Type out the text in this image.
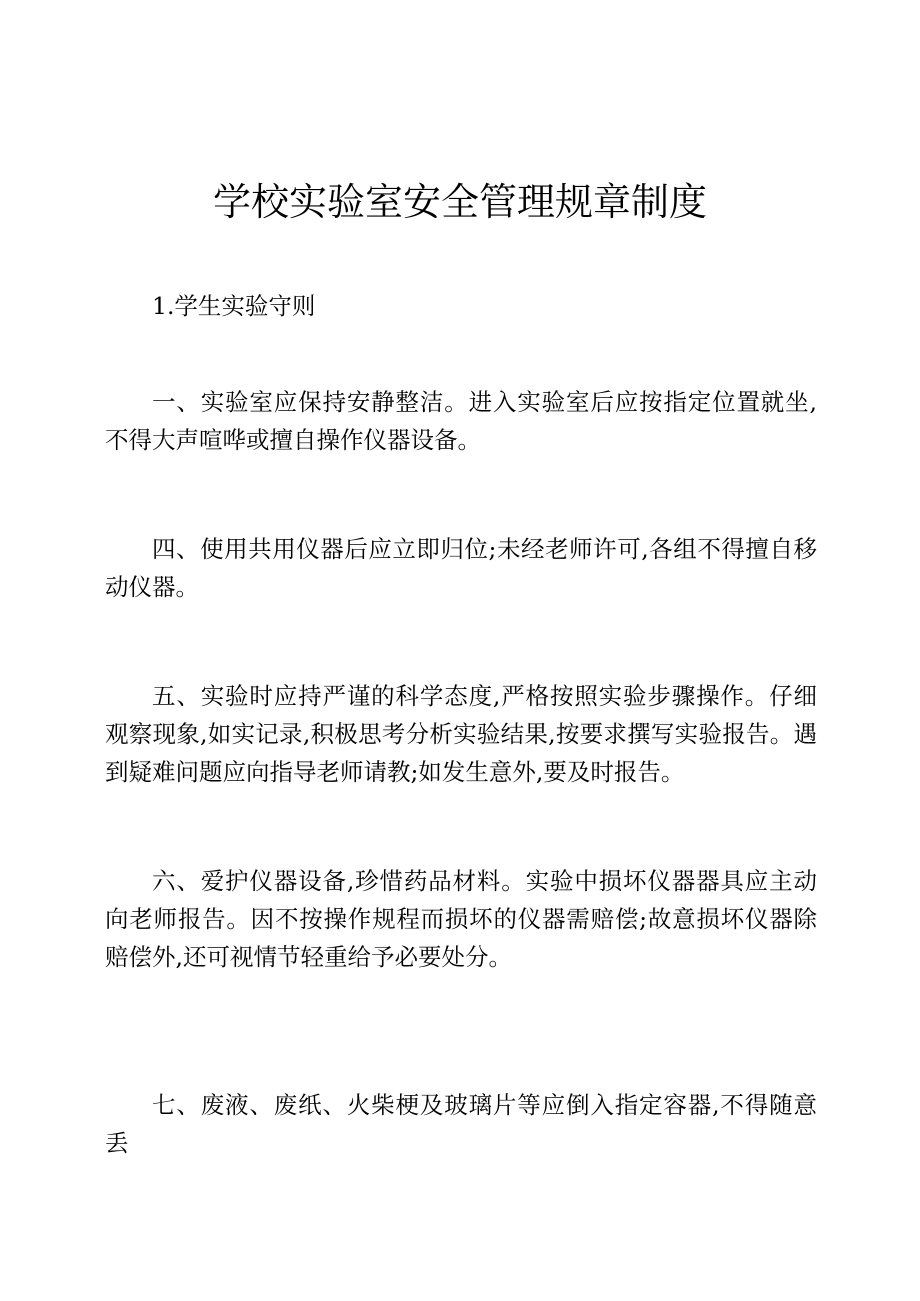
学校实验室安全管理规章制度

1.学生实验守则

一、实验室应保持安静整洁。进入实验室后应按指定位置就坐,不得大声喧哗或擅自操作仪器设备。

四、使用共用仪器后应立即归位;未经老师许可,各组不得擅自移动仪器。

五、实验时应持严谨的科学态度,严格按照实验步骤操作。仔细观察现象,如实记录,积极思考分析实验结果,按要求撰写实验报告。遇到疑难问题应向指导老师请教;如发生意外,要及时报告。

六、爱护仪器设备,珍惜药品材料。实验中损坏仪器器具应主动向老师报告。因不按操作规程而损坏的仪器需赔偿;故意损坏仪器除赔偿外,还可视情节轻重给予必要处分。

七、废液、废纸、火柴梗及玻璃片等应倒入指定容器,不得随意丢
